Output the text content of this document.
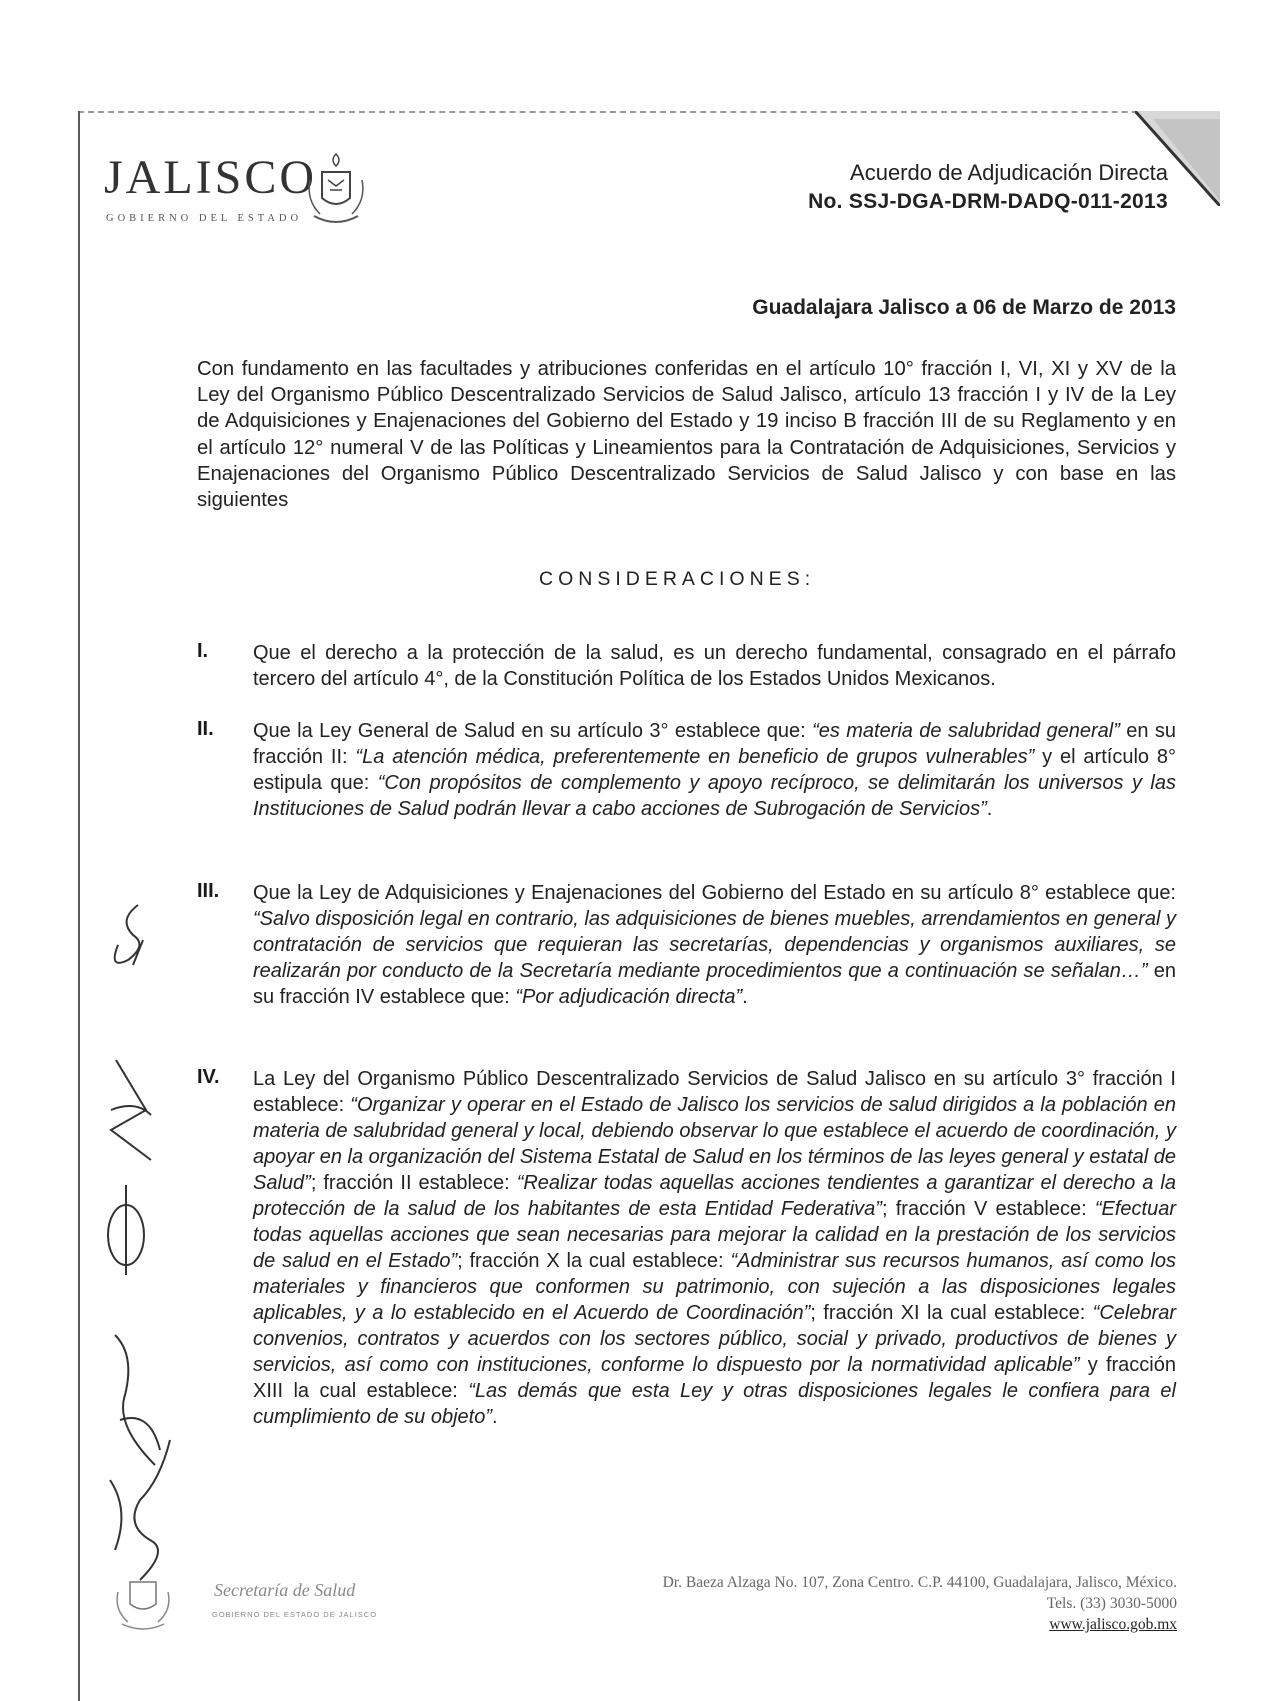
JALISCO
GOBIERNO DEL ESTADO
Acuerdo de Adjudicación Directa
No. SSJ-DGA-DRM-DADQ-011-2013
Guadalajara Jalisco a 06 de Marzo de 2013
Con fundamento en las facultades y atribuciones conferidas en el artículo 10° fracción I, VI, XI y XV de la Ley del Organismo Público Descentralizado Servicios de Salud Jalisco, artículo 13 fracción I y IV de la Ley de Adquisiciones y Enajenaciones del Gobierno del Estado y 19 inciso B fracción III de su Reglamento y en el artículo 12° numeral V de las Políticas y Lineamientos para la Contratación de Adquisiciones, Servicios y Enajenaciones del Organismo Público Descentralizado Servicios de Salud Jalisco y con base en las siguientes
CONSIDERACIONES:
I. Que el derecho a la protección de la salud, es un derecho fundamental, consagrado en el párrafo tercero del artículo 4°, de la Constitución Política de los Estados Unidos Mexicanos.
II. Que la Ley General de Salud en su artículo 3° establece que: “es materia de salubridad general” en su fracción II: “La atención médica, preferentemente en beneficio de grupos vulnerables” y el artículo 8° estipula que: “Con propósitos de complemento y apoyo recíproco, se delimitarán los universos y las Instituciones de Salud podrán llevar a cabo acciones de Subrogación de Servicios”.
III. Que la Ley de Adquisiciones y Enajenaciones del Gobierno del Estado en su artículo 8° establece que: “Salvo disposición legal en contrario, las adquisiciones de bienes muebles, arrendamientos en general y contratación de servicios que requieran las secretarías, dependencias y organismos auxiliares, se realizarán por conducto de la Secretaría mediante procedimientos que a continuación se señalan…” en su fracción IV establece que: “Por adjudicación directa”.
IV. La Ley del Organismo Público Descentralizado Servicios de Salud Jalisco en su artículo 3° fracción I establece: “Organizar y operar en el Estado de Jalisco los servicios de salud dirigidos a la población en materia de salubridad general y local, debiendo observar lo que establece el acuerdo de coordinación, y apoyar en la organización del Sistema Estatal de Salud en los términos de las leyes general y estatal de Salud”; fracción II establece: “Realizar todas aquellas acciones tendientes a garantizar el derecho a la protección de la salud de los habitantes de esta Entidad Federativa”; fracción V establece: “Efectuar todas aquellas acciones que sean necesarias para mejorar la calidad en la prestación de los servicios de salud en el Estado”; fracción X la cual establece: “Administrar sus recursos humanos, así como los materiales y financieros que conformen su patrimonio, con sujeción a las disposiciones legales aplicables, y a lo establecido en el Acuerdo de Coordinación”; fracción XI la cual establece: “Celebrar convenios, contratos y acuerdos con los sectores público, social y privado, productivos de bienes y servicios, así como con instituciones, conforme lo dispuesto por la normatividad aplicable” y fracción XIII la cual establece: “Las demás que esta Ley y otras disposiciones legales le confiera para el cumplimiento de su objeto”.
Secretaría de Salud
GOBIERNO DEL ESTADO DE JALISCO
Dr. Baeza Alzaga No. 107, Zona Centro. C.P. 44100, Guadalajara, Jalisco, México.
Tels. (33) 3030-5000
www.jalisco.gob.mx
